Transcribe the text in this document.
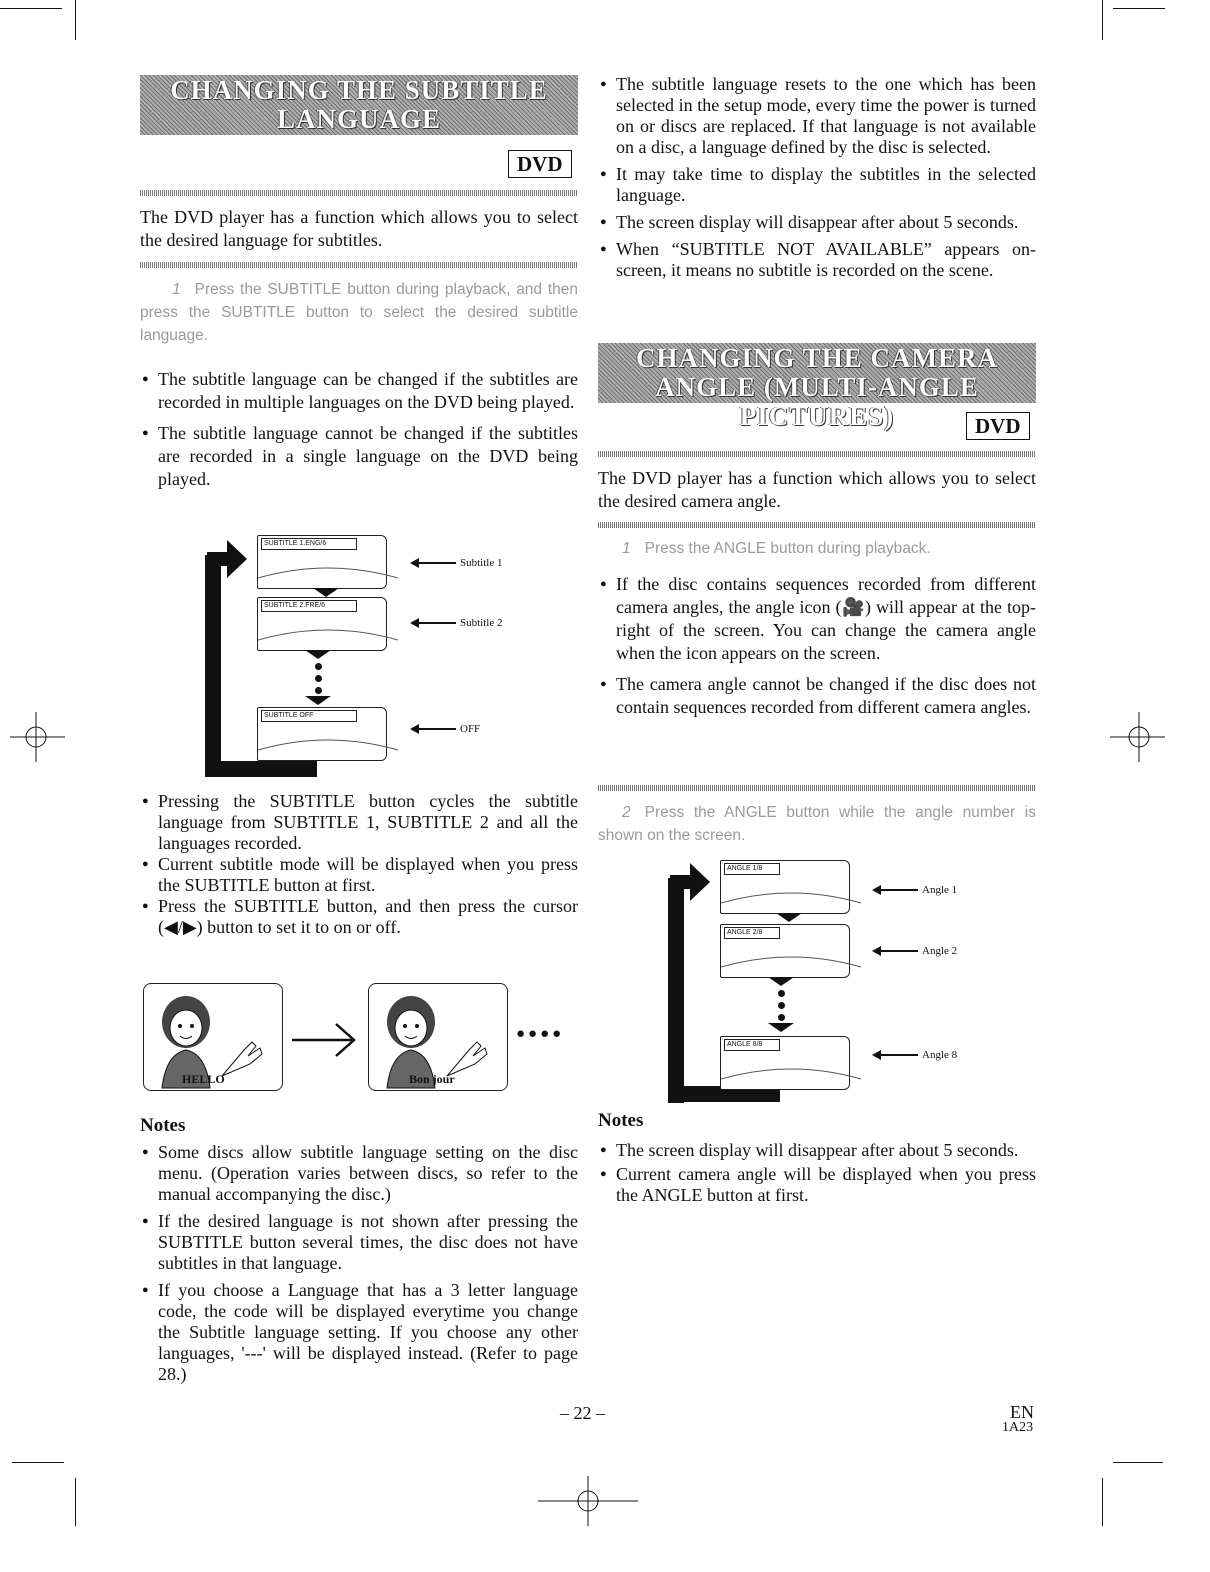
CHANGING THE SUBTITLE
LANGUAGE
DVD
The DVD player has a function which allows you to select the desired language for subtitles.
1 Press the SUBTITLE button during playback, and then press the SUBTITLE button to select the desired subtitle language.
● The subtitle language can be changed if the subtitles are recorded in multiple languages on the DVD being played.
● The subtitle language cannot be changed if the subtitles are recorded in a single language on the DVD being played.
SUBTITLE 1.ENG/6
SUBTITLE 2.FRE/6
SUBTITLE OFF
Subtitle 1
Subtitle 2
OFF
● Pressing the SUBTITLE button cycles the subtitle language from SUBTITLE 1, SUBTITLE 2 and all the languages recorded.
● Current subtitle mode will be displayed when you press the SUBTITLE button at first.
● Press the SUBTITLE button, and then press the cursor (◀/▶) button to set it to on or off.
HELLO	Bon jour
●●●●
Notes
● Some discs allow subtitle language setting on the disc menu. (Operation varies between discs, so refer to the manual accompanying the disc.)
● If the desired language is not shown after pressing the SUBTITLE button several times, the disc does not have subtitles in that language.
● If you choose a Language that has a 3 letter language code, the code will be displayed everytime you change the Subtitle language setting. If you choose any other languages, '---' will be displayed instead. (Refer to page 28.)
● The subtitle language resets to the one which has been selected in the setup mode, every time the power is turned on or discs are replaced. If that language is not available on a disc, a language defined by the disc is selected.
● It may take time to display the subtitles in the selected language.
● The screen display will disappear after about 5 seconds.
● When “SUBTITLE NOT AVAILABLE” appears on-screen, it means no subtitle is recorded on the scene.
CHANGING THE CAMERA
ANGLE (MULTI-ANGLE PICTURES)	DVD
The DVD player has a function which allows you to select the desired camera angle.
1 Press the ANGLE button during playback.
● If the disc contains sequences recorded from different camera angles, the angle icon (🎥) will appear at the top-right of the screen. You can change the camera angle when the icon appears on the screen.
● The camera angle cannot be changed if the disc does not contain sequences recorded from different camera angles.
2 Press the ANGLE button while the angle number is shown on the screen.
ANGLE 1/8
ANGLE 2/8
ANGLE 8/8
Angle 1
Angle 2
Angle 8
Notes
● The screen display will disappear after about 5 seconds.
● Current camera angle will be displayed when you press the ANGLE button at first.
– 22 –	EN
1A23
